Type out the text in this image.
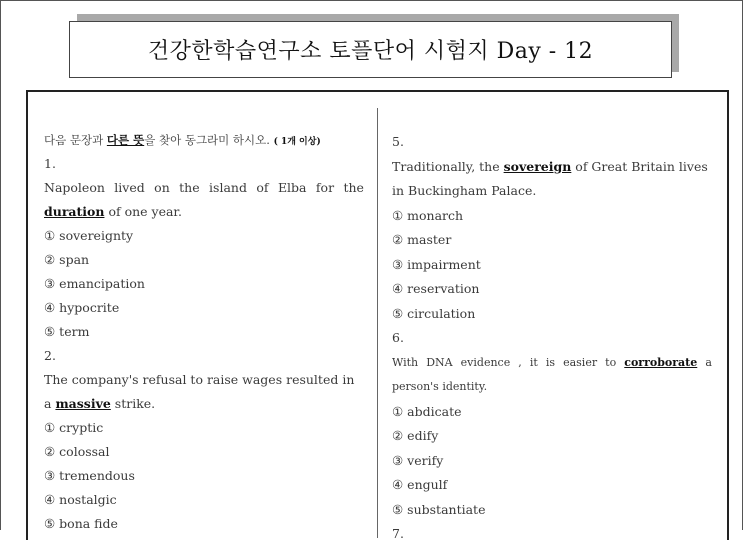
건강한학습연구소 토플단어 시험지 Day - 12
다음 문장과 다른 뜻을 찾아 동그라미 하시오. ( 1개 이상)
1.
Napoleon lived on the island of Elba for the
duration of one year.
① sovereignty
② span
③ emancipation
④ hypocrite
⑤ term
2.
The company's refusal to raise wages resulted in
a massive strike.
① cryptic
② colossal
③ tremendous
④ nostalgic
⑤ bona fide
5.
Traditionally, the sovereign of Great Britain lives
in Buckingham Palace.
① monarch
② master
③ impairment
④ reservation
⑤ circulation
6.
With DNA evidence , it is easier to corroborate a
person's identity.
① abdicate
② edify
③ verify
④ engulf
⑤ substantiate
7.
